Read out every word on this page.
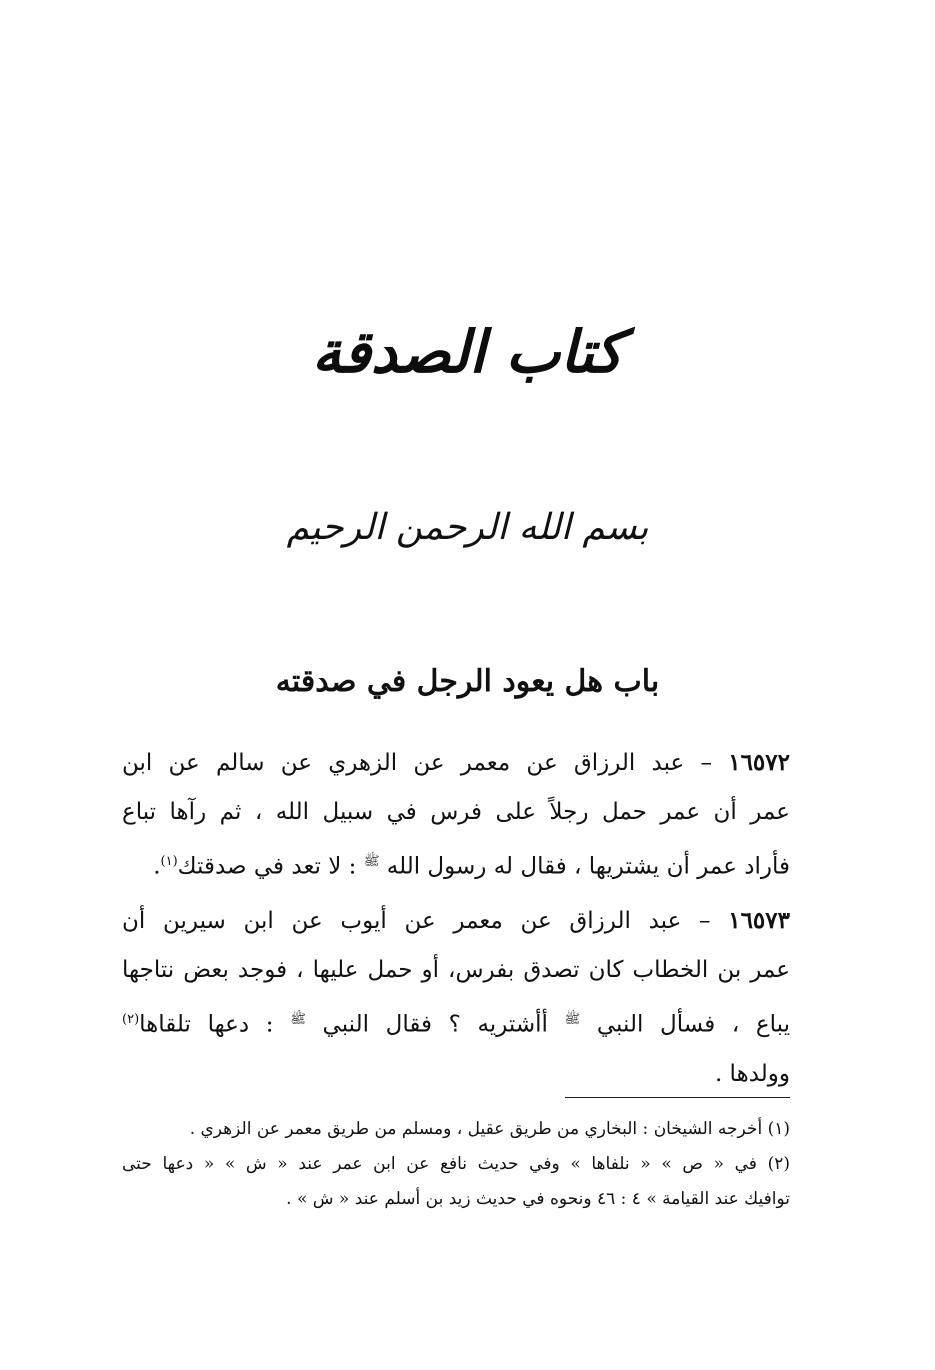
كتاب الصدقة
بسم الله الرحمن الرحيم
باب هل يعود الرجل في صدقته
١٦٥٧٢ – عبد الرزاق عن معمر عن الزهري عن سالم عن ابن
عمر أن عمر حمل رجلاً على فرس في سبيل الله ، ثم رآها تباع
فأراد عمر أن يشتريها ، فقال له رسول الله $^ﷺ$ : لا تعد في صدقتك$^{(١)}$.
١٦٥٧٣ – عبد الرزاق عن معمر عن أيوب عن ابن سيرين أن
عمر بن الخطاب كان تصدق بفرس، أو حمل عليها ، فوجد بعض نتاجها
يباع ، فسأل النبي $^ﷺ$ أأشتريه ؟ فقال النبي $^ﷺ$ : دعها تلقاها$^{(٢)}$
وولدها .
(١) أخرجه الشيخان : البخاري من طريق عقيل ، ومسلم من طريق معمر عن الزهري .
(٢) في « ص » « نلفاها » وفي حديث نافع عن ابن عمر عند « ش » « دعها حتى
توافيك عند القيامة » ٤ : ٤٦ ونحوه في حديث زيد بن أسلم عند « ش » .
